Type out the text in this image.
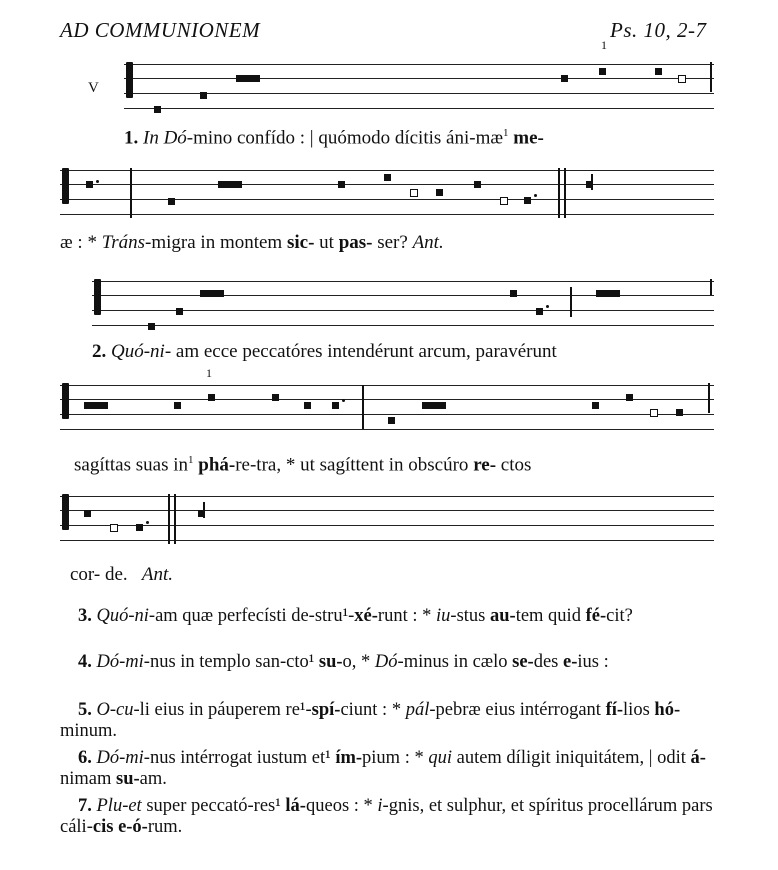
AD COMMUNIONEM	Ps. 10, 2-7
1
V
1. In Dó-mino confído : | quómodo dícitis áni-$mæ^1$ me-
æ : * Tráns-migra in montem sic- ut pas- ser? Ant.
2. Quó-ni- am ecce peccatóres intendérunt arcum, paravérunt
1
sagíttas suas $in^1$ phá-re-tra, * ut sagíttent in obscúro re- ctos
cor- de. Ant.
3. Quó-ni-am quæ perfecísti de-stru¹-xé-runt : * iu-stus au-tem quid fé-cit?
4. Dó-mi-nus in templo san-cto¹ su-o, * Dó-minus in cælo se-des e-ius :
5. O-cu-li eius in páuperem re¹-spí-ciunt : * pál-pebræ eius intérrogant fí-lios hó-minum.
6. Dó-mi-nus intérrogat iustum et¹ ím-pium : * qui autem díligit iniquitátem, | odit á-nimam su-am.
7. Plu-et super peccató-res¹ lá-queos : * i-gnis, et sulphur, et spíritus procellárum pars cáli-cis e-ó-rum.
